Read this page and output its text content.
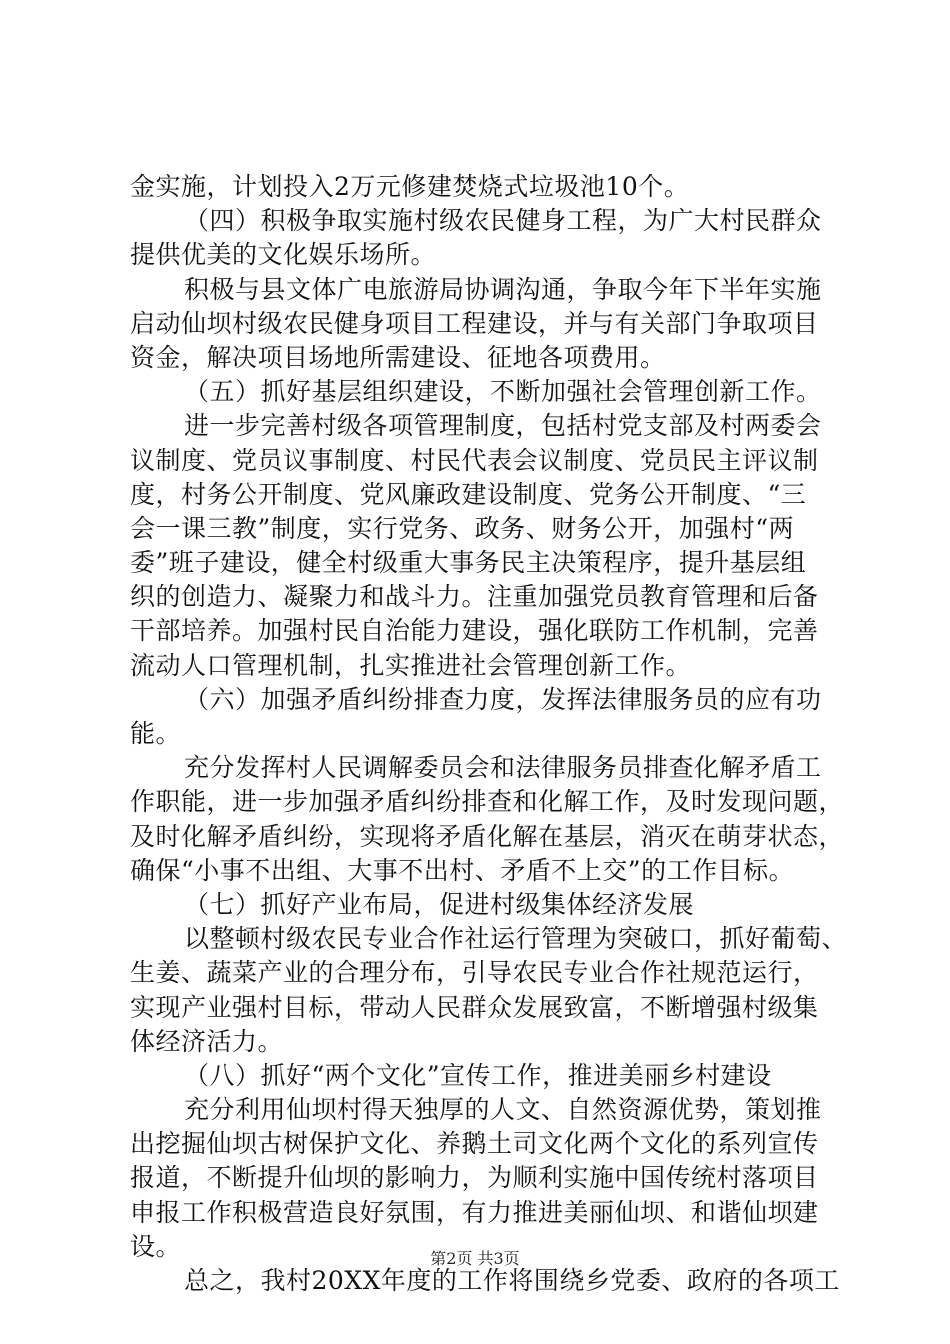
金实施，计划投入2万元修建焚烧式垃圾池10个。
（四）积极争取实施村级农民健身工程，为广大村民群众
提供优美的文化娱乐场所。
积极与县文体广电旅游局协调沟通，争取今年下半年实施
启动仙坝村级农民健身项目工程建设，并与有关部门争取项目
资金，解决项目场地所需建设、征地各项费用。
（五）抓好基层组织建设，不断加强社会管理创新工作。
进一步完善村级各项管理制度，包括村党支部及村两委会
议制度、党员议事制度、村民代表会议制度、党员民主评议制
度，村务公开制度、党风廉政建设制度、党务公开制度、“三
会一课三教”制度，实行党务、政务、财务公开，加强村“两
委”班子建设，健全村级重大事务民主决策程序，提升基层组
织的创造力、凝聚力和战斗力。注重加强党员教育管理和后备
干部培养。加强村民自治能力建设，强化联防工作机制，完善
流动人口管理机制，扎实推进社会管理创新工作。
（六）加强矛盾纠纷排查力度，发挥法律服务员的应有功
能。
充分发挥村人民调解委员会和法律服务员排查化解矛盾工
作职能，进一步加强矛盾纠纷排查和化解工作，及时发现问题，
及时化解矛盾纠纷，实现将矛盾化解在基层，消灭在萌芽状态，
确保“小事不出组、大事不出村、矛盾不上交”的工作目标。
（七）抓好产业布局，促进村级集体经济发展
以整顿村级农民专业合作社运行管理为突破口，抓好葡萄、
生姜、蔬菜产业的合理分布，引导农民专业合作社规范运行，
实现产业强村目标，带动人民群众发展致富，不断增强村级集
体经济活力。
（八）抓好“两个文化”宣传工作，推进美丽乡村建设
充分利用仙坝村得天独厚的人文、自然资源优势，策划推
出挖掘仙坝古树保护文化、养鹅土司文化两个文化的系列宣传
报道，不断提升仙坝的影响力，为顺利实施中国传统村落项目
申报工作积极营造良好氛围，有力推进美丽仙坝、和谐仙坝建
设。
总之，我村20XX年度的工作将围绕乡党委、政府的各项工
第2页 共3页
